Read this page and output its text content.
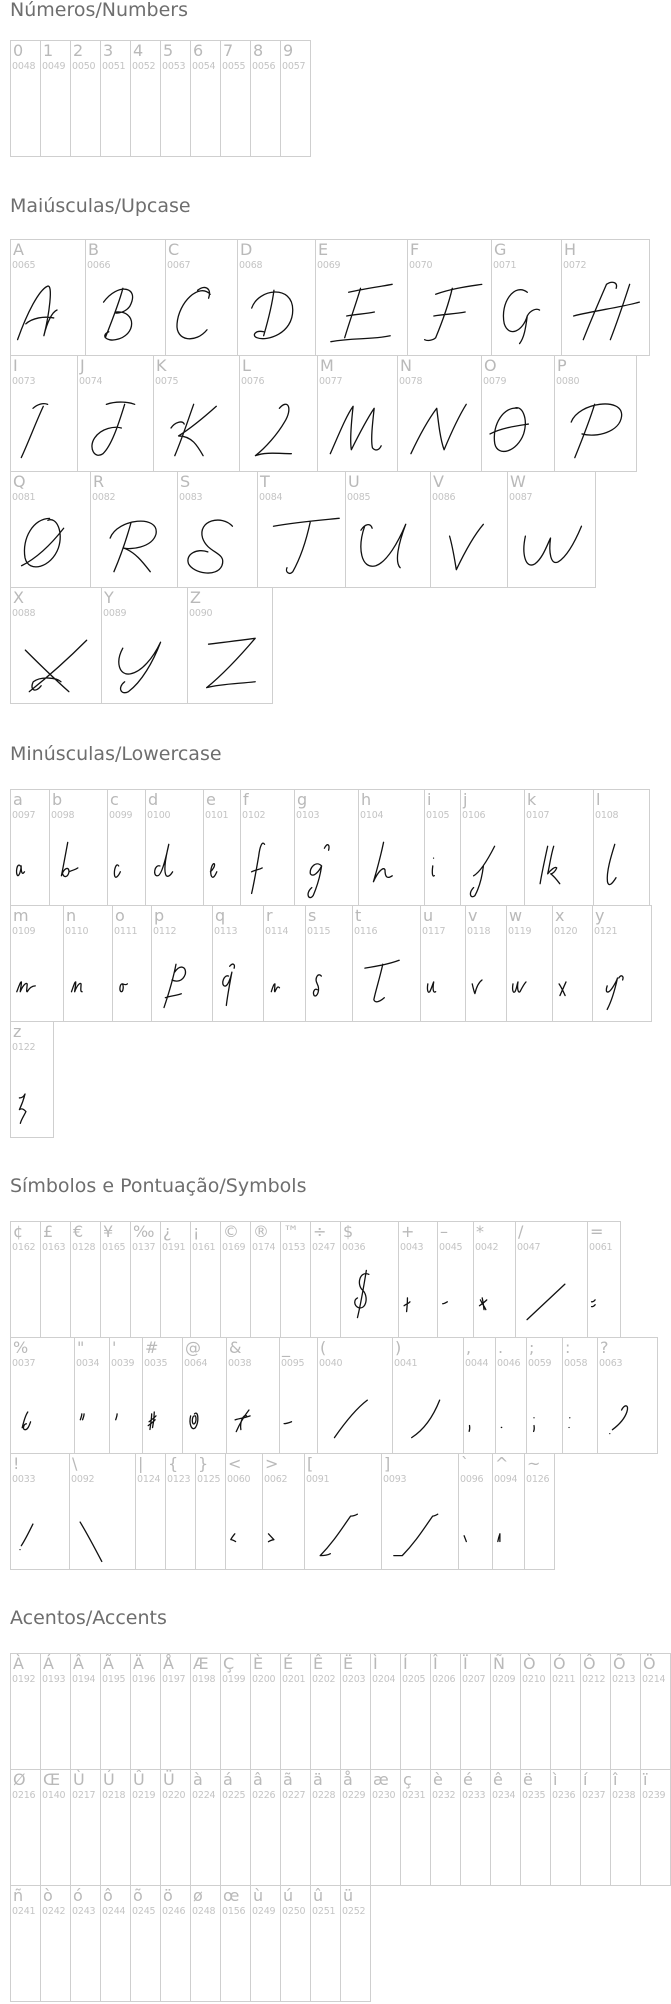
Números/Numbers
0
0048
1
0049
2
0050
3
0051
4
0052
5
0053
6
0054
7
0055
8
0056
9
0057
Maiúsculas/Upcase
A
0065
B
0066
C
0067
D
0068
E
0069
F
0070
G
0071
H
0072
I
0073
J
0074
K
0075
L
0076
M
0077
N
0078
O
0079
P
0080
Q
0081
R
0082
S
0083
T
0084
U
0085
V
0086
W
0087
X
0088
Y
0089
Z
0090
Minúsculas/Lowercase
a
0097
b
0098
c
0099
d
0100
e
0101
f
0102
g
0103
h
0104
i
0105
j
0106
k
0107
l
0108
m
0109
n
0110
o
0111
p
0112
q
0113
r
0114
s
0115
t
0116
u
0117
v
0118
w
0119
x
0120
y
0121
z
0122
Símbolos e Pontuação/Symbols
¢
0162
£
0163
€
0128
¥
0165
‰
0137
¿
0191
¡
0161
©
0169
®
0174
™
0153
÷
0247
$
0036
+
0043
–
0045
*
0042
/
0047
=
0061
%
0037
"
0034
'
0039
#
0035
@
0064
&
0038
_
0095
(
0040
)
0041
,
0044
.
0046
;
0059
:
0058
?
0063
!
0033
\
0092
|
0124
{
0123
}
0125
<
0060
>
0062
[
0091
]
0093
`
0096
^
0094
~
0126
Acentos/Accents
À
0192
Á
0193
Â
0194
Ã
0195
Ä
0196
Å
0197
Æ
0198
Ç
0199
È
0200
É
0201
Ê
0202
Ë
0203
Ì
0204
Í
0205
Î
0206
Ï
0207
Ñ
0209
Ò
0210
Ó
0211
Ô
0212
Õ
0213
Ö
0214
Ø
0216
Œ
0140
Ù
0217
Ú
0218
Û
0219
Ü
0220
à
0224
á
0225
â
0226
ã
0227
ä
0228
å
0229
æ
0230
ç
0231
è
0232
é
0233
ê
0234
ë
0235
ì
0236
í
0237
î
0238
ï
0239
ñ
0241
ò
0242
ó
0243
ô
0244
õ
0245
ö
0246
ø
0248
œ
0156
ù
0249
ú
0250
û
0251
ü
0252
